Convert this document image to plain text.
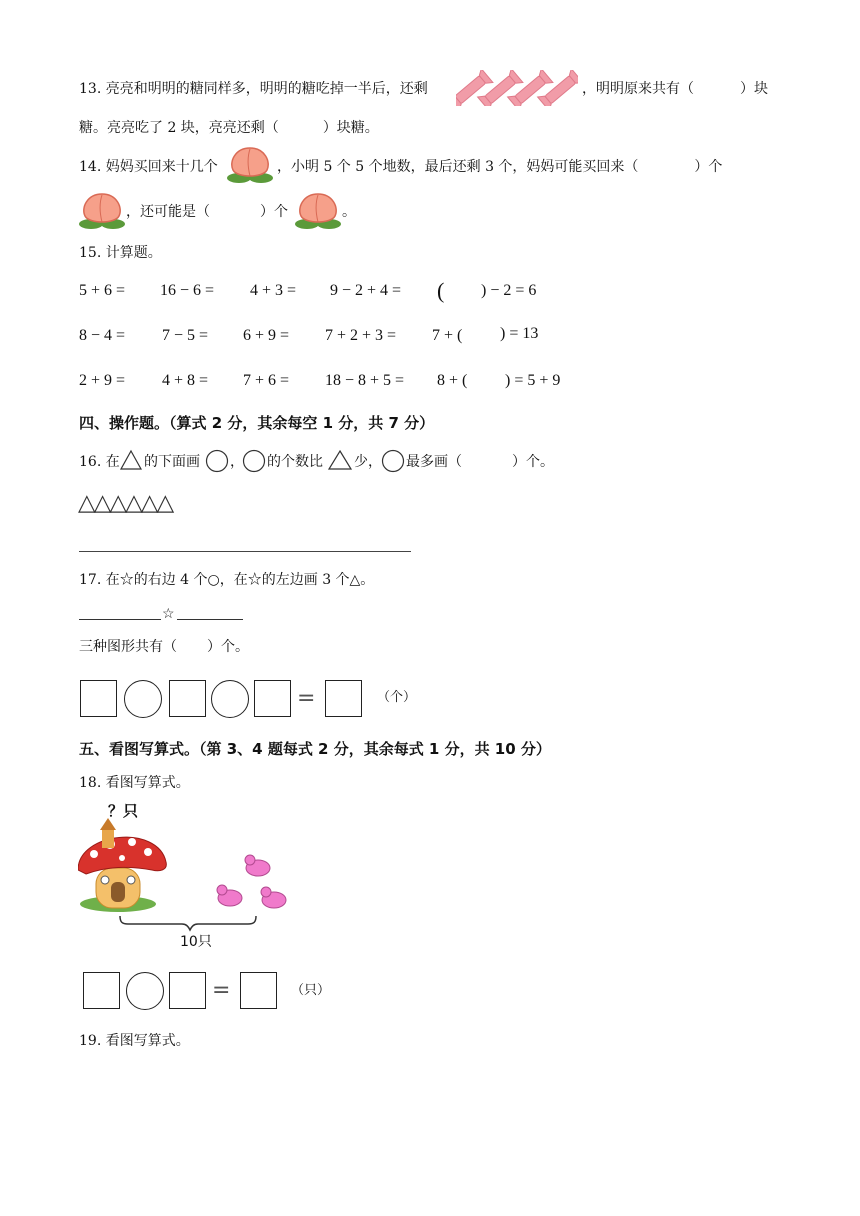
13. 亮亮和明明的糖同样多，明明的糖吃掉一半后，还剩	，明明原来共有（	）块
糖。亮亮吃了 2 块，亮亮还剩（	）块糖。
14. 妈妈买回来十几个	，小明 5 个 5 个地数，最后还剩 3 个，妈妈可能买回来（	）个
，还可能是（	）个	。
15. 计算题。
5 + 6 = 16 − 6 = 4 + 3 = 9 − 2 + 4 = ( ) − 2 = 6
8 − 4 = 7 − 5 = 6 + 9 = 7 + 2 + 3 = 7 + ( ) = 13
2 + 9 = 4 + 8 = 7 + 6 = 18 − 8 + 5 = 8 + ( ) = 5 + 9
四、操作题。（算式 2 分，其余每空 1 分，共 7 分）
16. 在 的下面画 ， 的个数比 少， 最多画（	）个。
△△△△△△
17. 在☆的右边 4 个○，在☆的左边画 3 个△。
☆
三种图形共有（ ）个。
=	（个）
五、看图写算式。（第 3、4 题每式 2 分，其余每式 1 分，共 10 分）
18. 看图写算式。
？只
10只
=	（只）
19. 看图写算式。
